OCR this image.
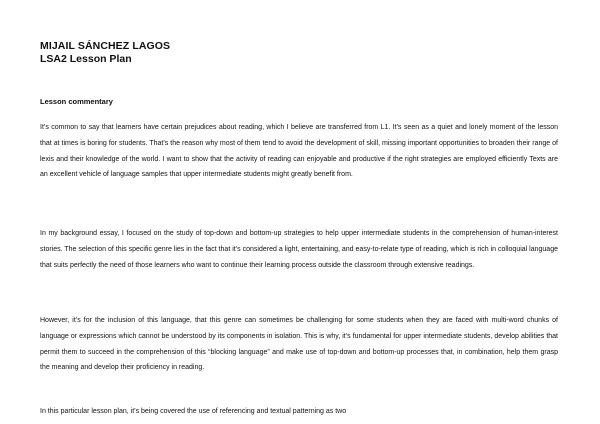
MIJAIL SÁNCHEZ LAGOS
LSA2 Lesson Plan
Lesson commentary

It’s common to say that learners have certain prejudices about reading, which I believe are transferred from L1. It’s seen as a quiet and lonely moment of the lesson that at times is boring for students. That’s the reason why most of them tend to avoid the development of skill, missing important opportunities to broaden their range of lexis and their knowledge of the world. I want to show that the activity of reading can enjoyable and productive if the right strategies are employed efficiently Texts are an excellent vehicle of language samples that upper intermediate students might greatly benefit from.

In my background essay, I focused on the study of top-down and bottom-up strategies to help upper intermediate students in the comprehension of human-interest stories. The selection of this specific genre lies in the fact that it’s considered a light, entertaining, and easy-to-relate type of reading, which is rich in colloquial language that suits perfectly the need of those learners who want to continue their learning process outside the classroom through extensive readings.

However, it’s for the inclusion of this language, that this genre can sometimes be challenging for some students when they are faced with multi-word chunks of language or expressions which cannot be understood by its components in isolation. This is why, it’s fundamental for upper intermediate students, develop abilities that permit them to succeed in the comprehension of this “blocking language” and make use of top-down and bottom-up processes that, in combination, help them grasp the meaning and develop their proficiency in reading.

In this particular lesson plan, it’s being covered the use of referencing and textual patterning as two
